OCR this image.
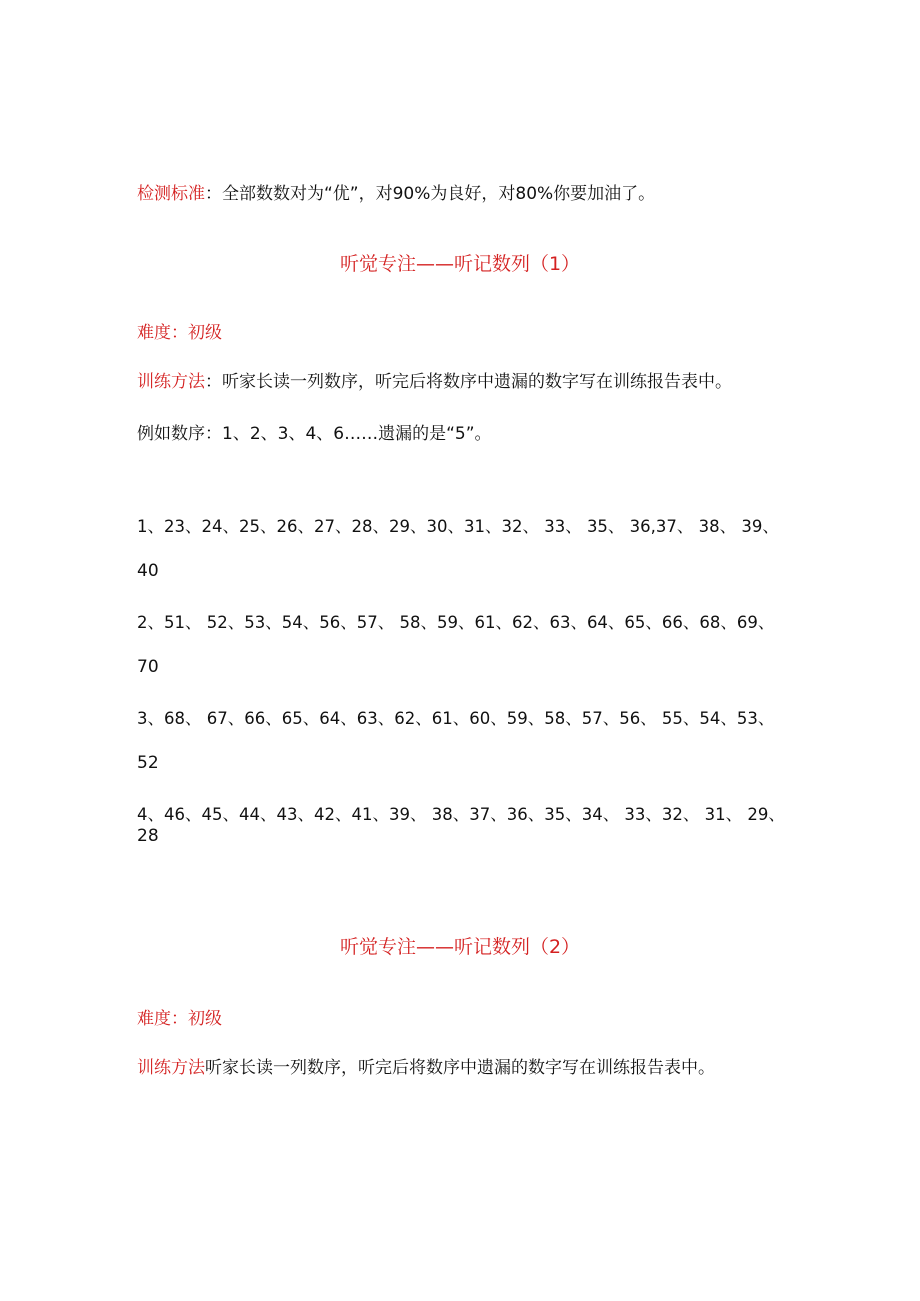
检测标准：全部数数对为“优”，对90%为良好，对80%你要加油了。
听觉专注——听记数列（1）
难度：初级
训练方法：听家长读一列数序，听完后将数序中遗漏的数字写在训练报告表中。
例如数序：1、2、3、4、6……遗漏的是“5”。
1、23、24、25、26、27、28、29、30、31、32、 33、 35、 36,37、 38、 39、
40
2、51、 52、53、54、56、57、 58、59、61、62、63、64、65、66、68、69、
70
3、68、 67、66、65、64、63、62、61、60、59、58、57、56、 55、54、53、
52
4、46、45、44、43、42、41、39、 38、37、36、35、34、 33、32、 31、 29、
28
听觉专注——听记数列（2）
难度：初级
训练方法听家长读一列数序，听完后将数序中遗漏的数字写在训练报告表中。
